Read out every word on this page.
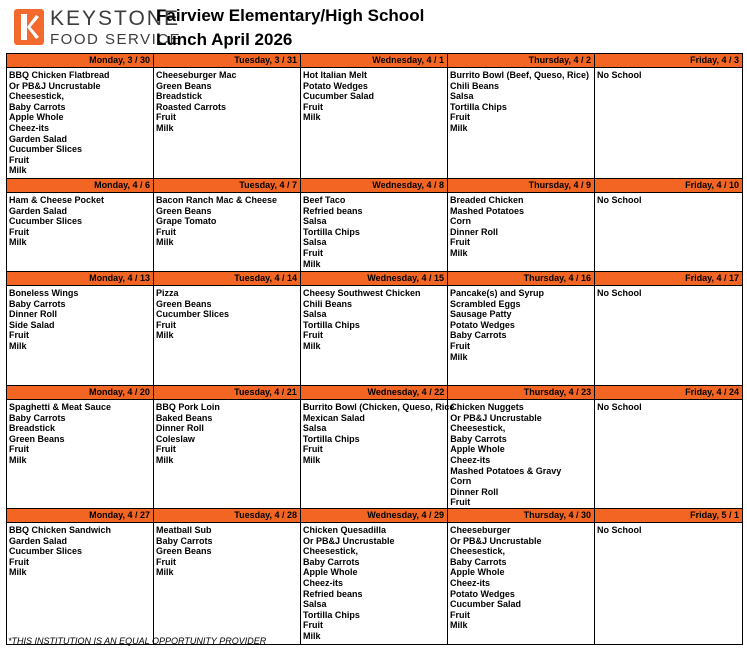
KEYSTONE
FOOD SERVICE
Fairview Elementary/High School
Lunch April 2026
Monday, 3 / 30
BBQ Chicken Flatbread
Or PB&J Uncrustable
Cheesestick,
Baby Carrots
Apple Whole
Cheez-its
Garden Salad
Cucumber Slices
Fruit
Milk
Tuesday, 3 / 31
Cheeseburger Mac
Green Beans
Breadstick
Roasted Carrots
Fruit
Milk
Wednesday, 4 / 1
Hot Italian Melt
Potato Wedges
Cucumber Salad
Fruit
Milk
Thursday, 4 / 2
Burrito Bowl (Beef, Queso, Rice)
Chili Beans
Salsa
Tortilla Chips
Fruit
Milk
Friday, 4 / 3
No School
Monday, 4 / 6
Ham & Cheese Pocket
Garden Salad
Cucumber Slices
Fruit
Milk
Tuesday, 4 / 7
Bacon Ranch Mac & Cheese
Green Beans
Grape Tomato
Fruit
Milk
Wednesday, 4 / 8
Beef Taco
Refried beans
Salsa
Tortilla Chips
Salsa
Fruit
Milk
Thursday, 4 / 9
Breaded Chicken
Mashed Potatoes
Corn
Dinner Roll
Fruit
Milk
Friday, 4 / 10
No School
Monday, 4 / 13
Boneless Wings
Baby Carrots
Dinner Roll
Side Salad
Fruit
Milk
Tuesday, 4 / 14
Pizza
Green Beans
Cucumber Slices
Fruit
Milk
Wednesday, 4 / 15
Cheesy Southwest Chicken
Chili Beans
Salsa
Tortilla Chips
Fruit
Milk
Thursday, 4 / 16
Pancake(s) and Syrup
Scrambled Eggs
Sausage Patty
Potato Wedges
Baby Carrots
Fruit
Milk
Friday, 4 / 17
No School
Monday, 4 / 20
Spaghetti & Meat Sauce
Baby Carrots
Breadstick
Green Beans
Fruit
Milk
Tuesday, 4 / 21
BBQ Pork Loin
Baked Beans
Dinner Roll
Coleslaw
Fruit
Milk
Wednesday, 4 / 22
Burrito Bowl (Chicken, Queso, Rice
Mexican Salad
Salsa
Tortilla Chips
Fruit
Milk
Thursday, 4 / 23
Chicken Nuggets
Or PB&J Uncrustable
Cheesestick,
Baby Carrots
Apple Whole
Cheez-its
Mashed Potatoes & Gravy
Corn
Dinner Roll
Fruit
Friday, 4 / 24
No School
Monday, 4 / 27
BBQ Chicken Sandwich
Garden Salad
Cucumber Slices
Fruit
Milk
Tuesday, 4 / 28
Meatball Sub
Baby Carrots
Green Beans
Fruit
Milk
Wednesday, 4 / 29
Chicken Quesadilla
Or PB&J Uncrustable
Cheesestick,
Baby Carrots
Apple Whole
Cheez-its
Refried beans
Salsa
Tortilla Chips
Fruit
Milk
Thursday, 4 / 30
Cheeseburger
Or PB&J Uncrustable
Cheesestick,
Baby Carrots
Apple Whole
Cheez-its
Potato Wedges
Cucumber Salad
Fruit
Milk
Friday, 5 / 1
No School
*THIS INSTITUTION IS AN EQUAL OPPORTUNITY PROVIDER
